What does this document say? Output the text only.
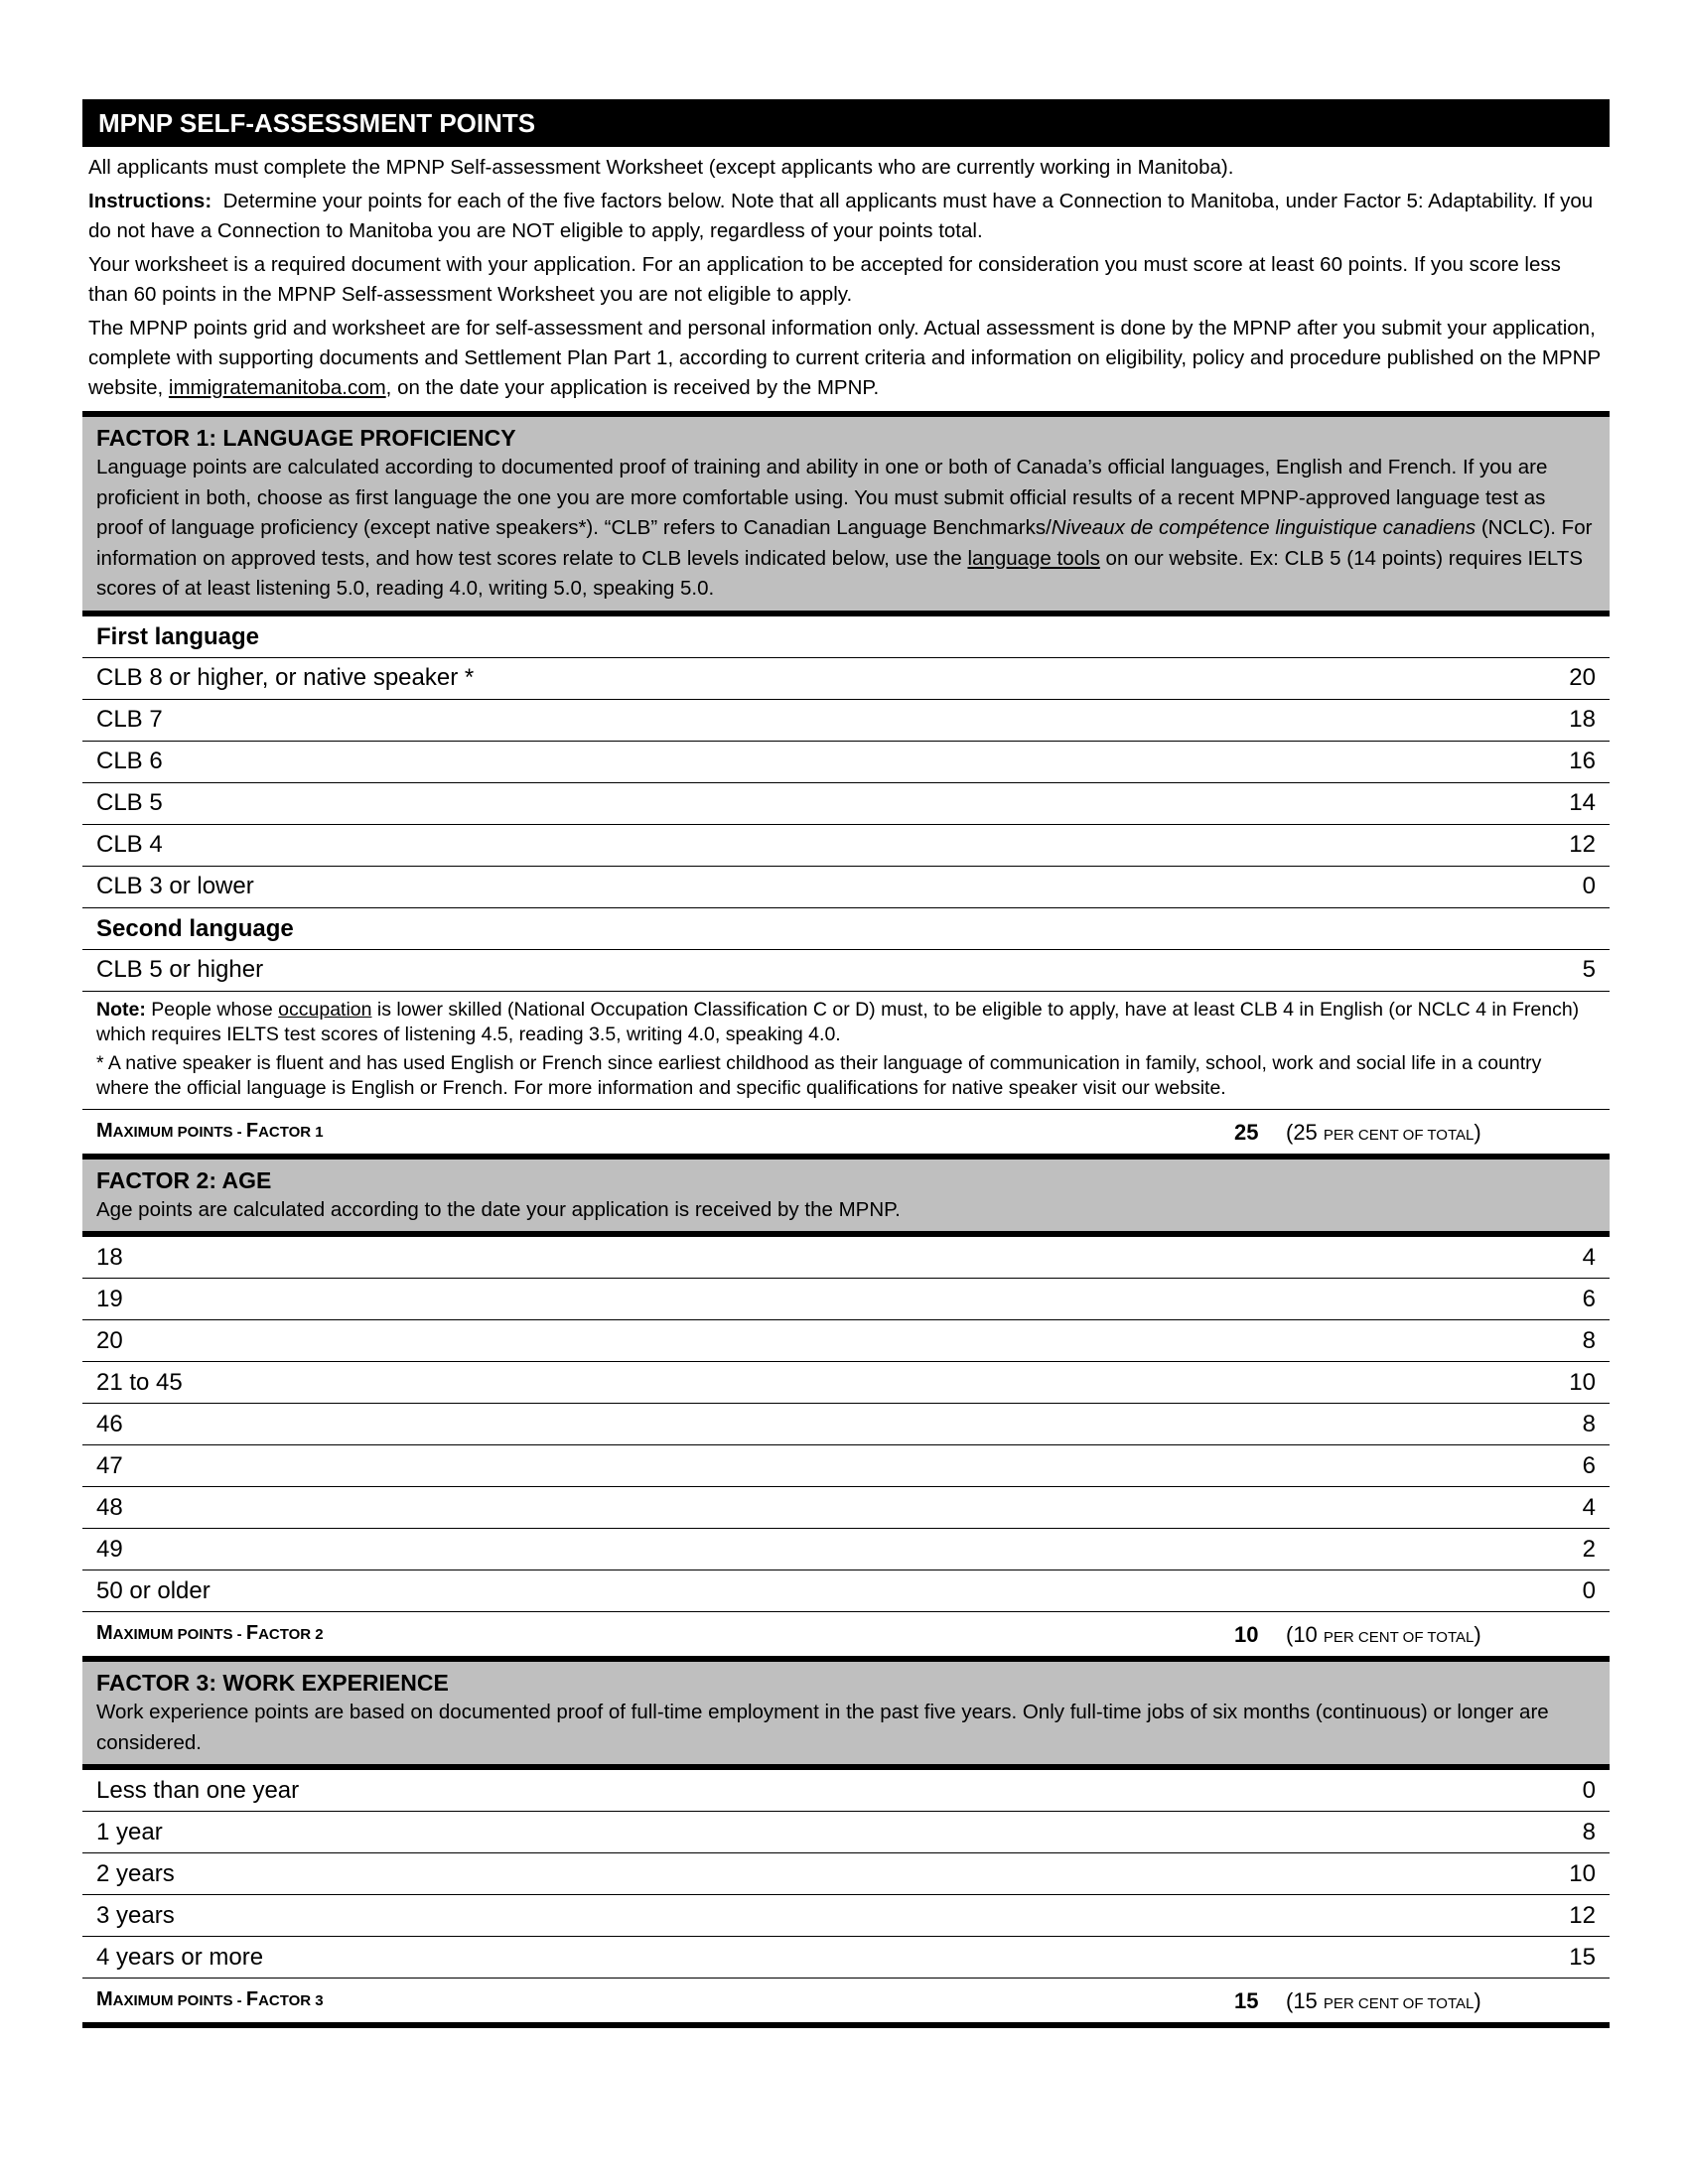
MPNP SELF-ASSESSMENT POINTS

All applicants must complete the MPNP Self-assessment Worksheet (except applicants who are currently working in Manitoba).

Instructions: Determine your points for each of the five factors below. Note that all applicants must have a Connection to Manitoba, under Factor 5: Adaptability. If you do not have a Connection to Manitoba you are NOT eligible to apply, regardless of your points total.

Your worksheet is a required document with your application. For an application to be accepted for consideration you must score at least 60 points. If you score less than 60 points in the MPNP Self-assessment Worksheet you are not eligible to apply.

The MPNP points grid and worksheet are for self-assessment and personal information only. Actual assessment is done by the MPNP after you submit your application, complete with supporting documents and Settlement Plan Part 1, according to current criteria and information on eligibility, policy and procedure published on the MPNP website, immigratemanitoba.com, on the date your application is received by the MPNP.

FACTOR 1: LANGUAGE PROFICIENCY
Language points are calculated according to documented proof of training and ability in one or both of Canada’s official languages, English and French. If you are proficient in both, choose as first language the one you are more comfortable using. You must submit official results of a recent MPNP-approved language test as proof of language proficiency (except native speakers*). “CLB” refers to Canadian Language Benchmarks/Niveaux de compétence linguistique canadiens (NCLC). For information on approved tests, and how test scores relate to CLB levels indicated below, use the language tools on our website. Ex: CLB 5 (14 points) requires IELTS scores of at least listening 5.0, reading 4.0, writing 5.0, speaking 5.0.
First language
CLB 8 or higher, or native speaker *	20
CLB 7	18
CLB 6	16
CLB 5	14
CLB 4	12
CLB 3 or lower	0
Second language
CLB 5 or higher	5

Note: People whose occupation is lower skilled (National Occupation Classification C or D) must, to be eligible to apply, have at least CLB 4 in English (or NCLC 4 in French) which requires IELTS test scores of listening 4.5, reading 3.5, writing 4.0, speaking 4.0.

* A native speaker is fluent and has used English or French since earliest childhood as their language of communication in family, school, work and social life in a country where the official language is English or French. For more information and specific qualifications for native speaker visit our website.

MAXIMUM POINTS - FACTOR 1	25 (25 PER CENT OF TOTAL)
FACTOR 2: AGE
Age points are calculated according to the date your application is received by the MPNP.
18	4
19	6
20	8
21 to 45	10
46	8
47	6
48	4
49	2
50 or older	0
MAXIMUM POINTS - FACTOR 2	10 (10 PER CENT OF TOTAL)
FACTOR 3: WORK EXPERIENCE
Work experience points are based on documented proof of full-time employment in the past five years. Only full-time jobs of six months (continuous) or longer are considered.
Less than one year	0
1 year	8
2 years	10
3 years	12
4 years or more	15
MAXIMUM POINTS - FACTOR 3	15 (15 PER CENT OF TOTAL)
